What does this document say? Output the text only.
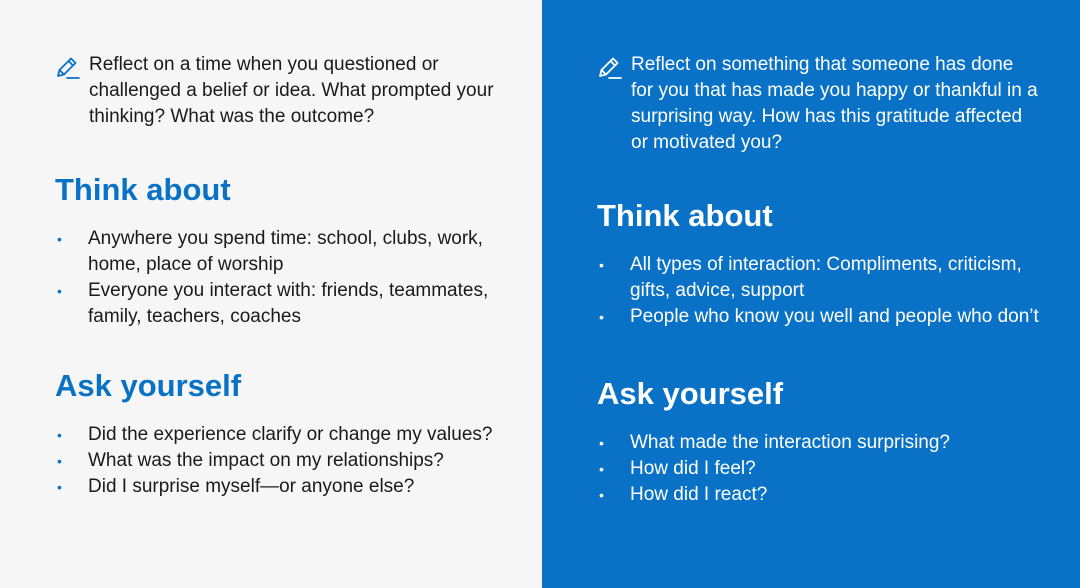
Reflect on a time when you questioned or challenged a belief or idea. What prompted your thinking? What was the outcome?
Think about
• Anywhere you spend time: school, clubs, work, home, place of worship
• Everyone you interact with: friends, teammates, family, teachers, coaches
Ask yourself
• Did the experience clarify or change my values?
• What was the impact on my relationships?
• Did I surprise myself—or anyone else?
Reflect on something that someone has done for you that has made you happy or thankful in a surprising way. How has this gratitude affected or motivated you?
Think about
• All types of interaction: Compliments, criticism, gifts, advice, support
• People who know you well and people who don’t
Ask yourself
• What made the interaction surprising?
• How did I feel?
• How did I react?
